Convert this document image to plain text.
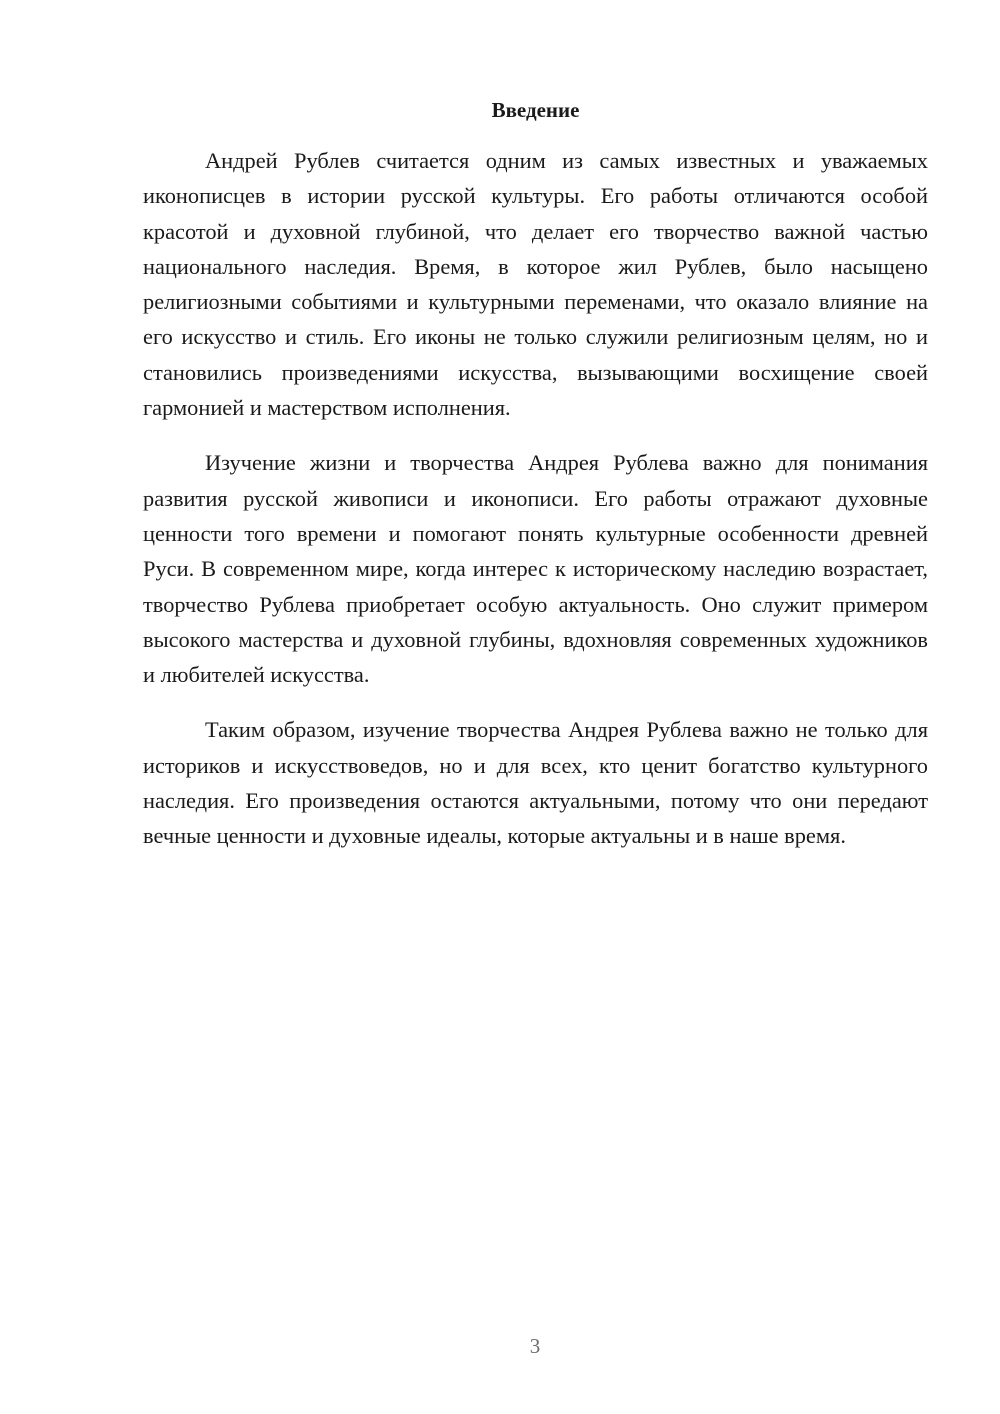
Введение

Андрей Рублев считается одним из самых известных и уважаемых иконописцев в истории русской культуры. Его работы отличаются особой красотой и духовной глубиной, что делает его творчество важной частью национального наследия. Время, в которое жил Рублев, было насыщено религиозными событиями и культурными переменами, что оказало влияние на его искусство и стиль. Его иконы не только служили религиозным целям, но и становились произведениями искусства, вызывающими восхищение своей гармонией и мастерством исполнения.

Изучение жизни и творчества Андрея Рублева важно для понимания развития русской живописи и иконописи. Его работы отражают духовные ценности того времени и помогают понять культурные особенности древней Руси. В современном мире, когда интерес к историческому наследию возрастает, творчество Рублева приобретает особую актуальность. Оно служит примером высокого мастерства и духовной глубины, вдохновляя современных художников и любителей искусства.

Таким образом, изучение творчества Андрея Рублева важно не только для историков и искусствоведов, но и для всех, кто ценит богатство культурного наследия. Его произведения остаются актуальными, потому что они передают вечные ценности и духовные идеалы, которые актуальны и в наше время.

3
